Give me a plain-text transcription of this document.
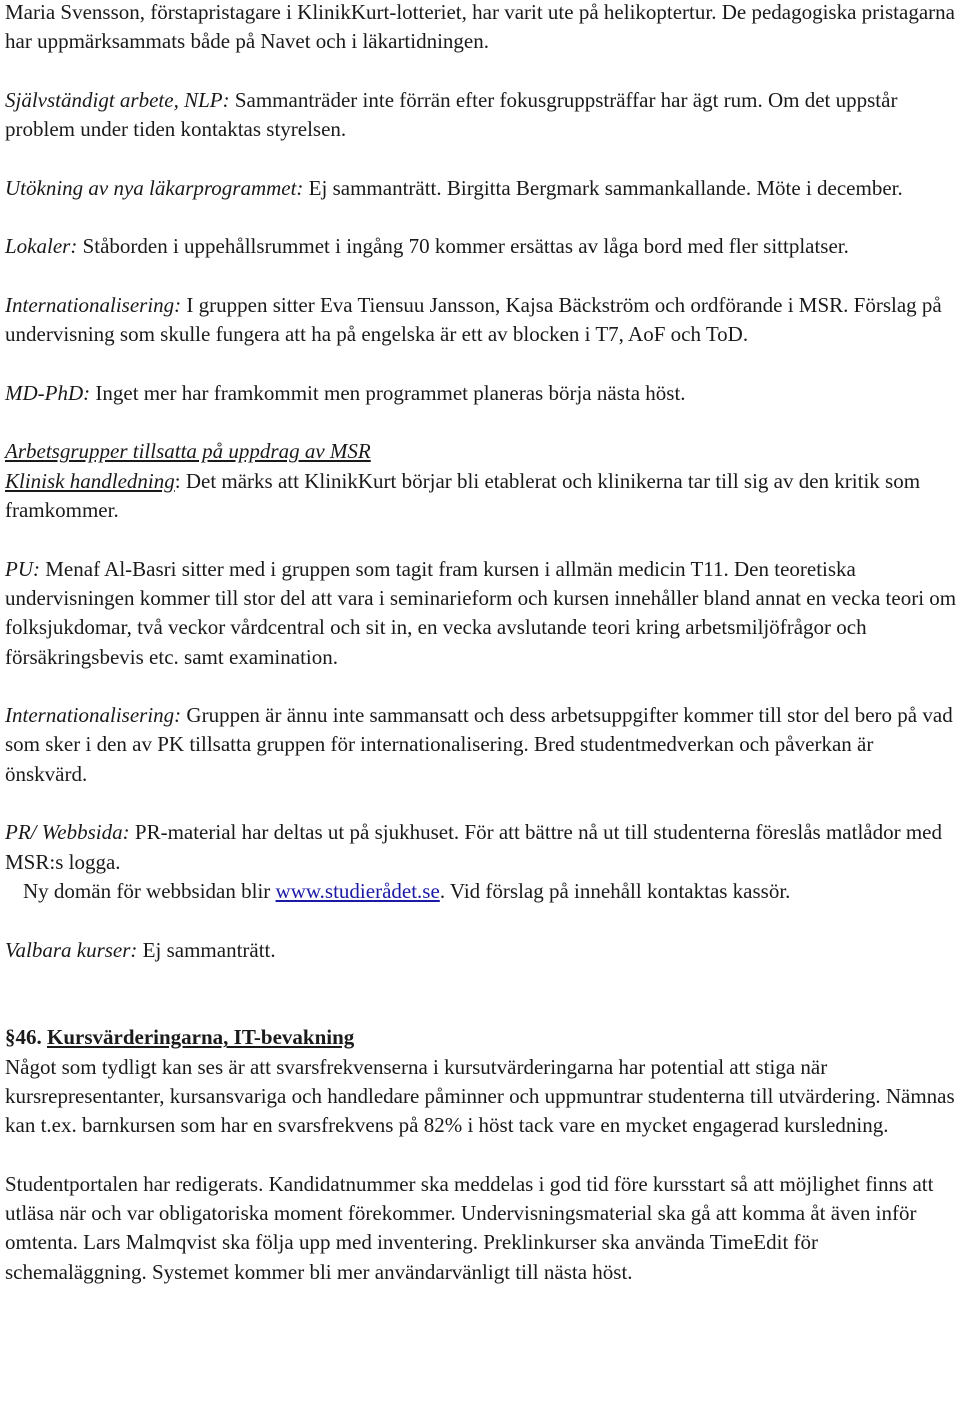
Maria Svensson, förstapristagare i KlinikKurt-lotteriet, har varit ute på helikoptertur. De pedagogiska pristagarna har uppmärksammats både på Navet och i läkartidningen.

Självständigt arbete, NLP: Sammanträder inte förrän efter fokusgruppsträffar har ägt rum. Om det uppstår problem under tiden kontaktas styrelsen.

Utökning av nya läkarprogrammet: Ej sammanträtt. Birgitta Bergmark sammankallande. Möte i december.

Lokaler: Ståborden i uppehållsrummet i ingång 70 kommer ersättas av låga bord med fler sittplatser.

Internationalisering: I gruppen sitter Eva Tiensuu Jansson, Kajsa Bäckström och ordförande i MSR. Förslag på undervisning som skulle fungera att ha på engelska är ett av blocken i T7, AoF och ToD.

MD-PhD: Inget mer har framkommit men programmet planeras börja nästa höst.

Arbetsgrupper tillsatta på uppdrag av MSR

Klinisk handledning: Det märks att KlinikKurt börjar bli etablerat och klinikerna tar till sig av den kritik som framkommer.

PU: Menaf Al-Basri sitter med i gruppen som tagit fram kursen i allmän medicin T11. Den teoretiska undervisningen kommer till stor del att vara i seminarieform och kursen innehåller bland annat en vecka teori om folksjukdomar, två veckor vårdcentral och sit in, en vecka avslutande teori kring arbetsmiljöfrågor och försäkringsbevis etc. samt examination.

Internationalisering: Gruppen är ännu inte sammansatt och dess arbetsuppgifter kommer till stor del bero på vad som sker i den av PK tillsatta gruppen för internationalisering. Bred studentmedverkan och påverkan är önskvärd.

PR/ Webbsida: PR-material har deltas ut på sjukhuset. För att bättre nå ut till studenterna föreslås matlådor med MSR:s logga.

Ny domän för webbsidan blir www.studierådet.se. Vid förslag på innehåll kontaktas kassör.

Valbara kurser: Ej sammanträtt.

§46. Kursvärderingarna, IT-bevakning

Något som tydligt kan ses är att svarsfrekvenserna i kursutvärderingarna har potential att stiga när kursrepresentanter, kursansvariga och handledare påminner och uppmuntrar studenterna till utvärdering. Nämnas kan t.ex. barnkursen som har en svarsfrekvens på 82% i höst tack vare en mycket engagerad kursledning.

Studentportalen har redigerats. Kandidatnummer ska meddelas i god tid före kursstart så att möjlighet finns att utläsa när och var obligatoriska moment förekommer. Undervisningsmaterial ska gå att komma åt även inför omtenta. Lars Malmqvist ska följa upp med inventering. Preklinkurser ska använda TimeEdit för schemaläggning. Systemet kommer bli mer användarvänligt till nästa höst.
